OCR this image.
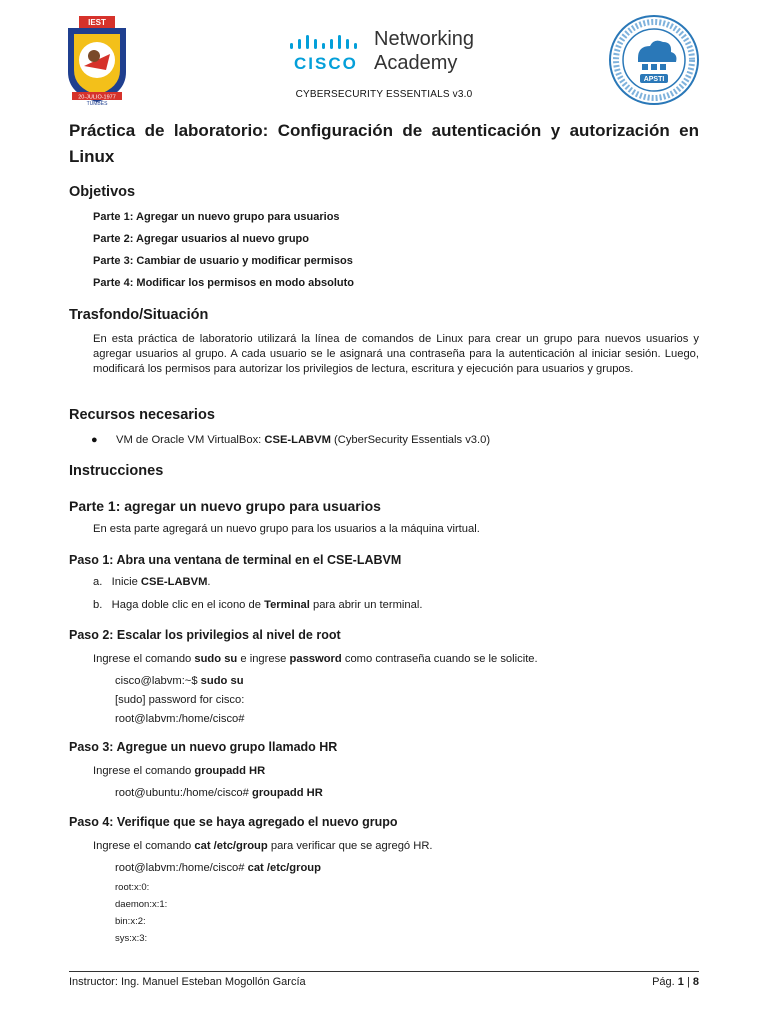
IEST
20-JULIO-1977
TUMBES
CISCO
Networking
Academy
CYBERSECURITY ESSENTIALS v3.0
APSTI
Práctica de laboratorio: Configuración de autenticación y autorización en Linux
Objetivos
Parte 1: Agregar un nuevo grupo para usuarios
Parte 2: Agregar usuarios al nuevo grupo
Parte 3: Cambiar de usuario y modificar permisos
Parte 4: Modificar los permisos en modo absoluto
Trasfondo/Situación
En esta práctica de laboratorio utilizará la línea de comandos de Linux para crear un grupo para nuevos usuarios y agregar usuarios al grupo. A cada usuario se le asignará una contraseña para la autenticación al iniciar sesión. Luego, modificará los permisos para autorizar los privilegios de lectura, escritura y ejecución para usuarios y grupos.
Recursos necesarios
● VM de Oracle VM VirtualBox: CSE-LABVM (CyberSecurity Essentials v3.0)
Instrucciones
Parte 1: agregar un nuevo grupo para usuarios
En esta parte agregará un nuevo grupo para los usuarios a la máquina virtual.
Paso 1: Abra una ventana de terminal en el CSE-LABVM
a. Inicie CSE-LABVM.
b. Haga doble clic en el icono de Terminal para abrir un terminal.
Paso 2: Escalar los privilegios al nivel de root
Ingrese el comando sudo su e ingrese password como contraseña cuando se le solicite.
cisco@labvm:~$ sudo su
[sudo] password for cisco:
root@labvm:/home/cisco#
Paso 3: Agregue un nuevo grupo llamado HR
Ingrese el comando groupadd HR
root@ubuntu:/home/cisco# groupadd HR
Paso 4: Verifique que se haya agregado el nuevo grupo
Ingrese el comando cat /etc/group para verificar que se agregó HR.
root@labvm:/home/cisco# cat /etc/group
root:x:0:
daemon:x:1:
bin:x:2:
sys:x:3:
Instructor: Ing. Manuel Esteban Mogollón García	Pág. 1 | 8
